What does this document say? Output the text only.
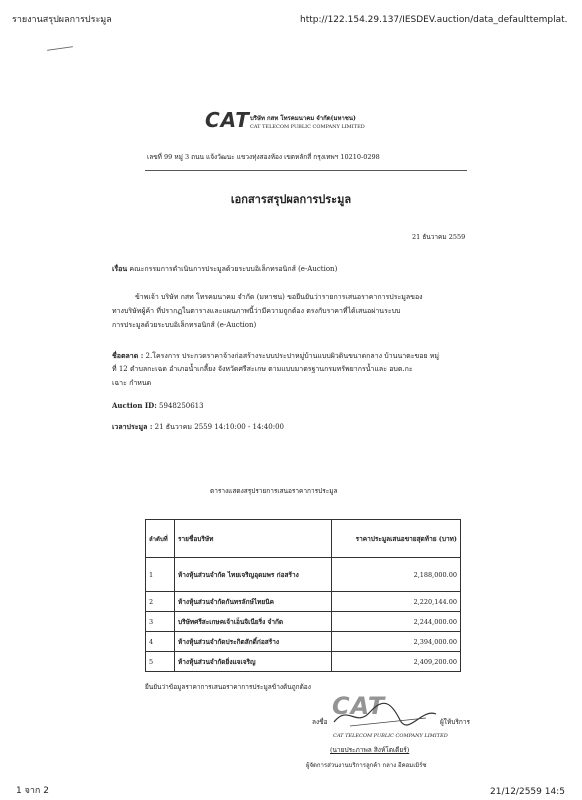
รายงานสรุปผลการประมูล	http://122.154.29.137/IESDEV.auction/data_defaulttemplat.
CAT บริษัท กสท โทรคมนาคม จำกัด(มหาชน)
CAT TELECOM PUBLIC COMPANY LIMITED
เลขที่ 99 หมู่ 3 ถนน แจ้งวัฒนะ แขวงทุ่งสองห้อง เขตหลักสี่ กรุงเทพฯ 10210-0298
เอกสารสรุปผลการประมูล
21 ธันวาคม 2559
เรื่อน คณะกรรมการดำเนินการประมูลด้วยระบบอิเล็กทรอนิกส์ (e-Auction)
ข้าพเจ้า บริษัท กสท โทรคมนาคม จำกัด (มหาชน) ขอยืนยันว่ารายการเสนอราคาการประมูลของ
ทางบริษัทผู้ค้า ที่ปรากฏในตารางและแผนภาพนี้ว่ามีความถูกต้อง ตรงกับราคาที่ได้เสนอผ่านระบบ
การประมูลด้วยระบบอิเล็กทรอนิกส์ (e-Auction)
ชื่อตลาด : 2.โครงการ ประกวดราคาจ้างก่อสร้างระบบประปาหมู่บ้านแบบผิวดินขนาดกลาง บ้านนาตะขอย หมู่
ที่ 12 ตำบลกะเฉด อำเภอน้ำเกลี้ยง จังหวัดศรีสะเกษ ตามแบบมาตรฐานกรมทรัพยากรน้ำและ อบต.กะ
เฉาะ กำหนด
Auction ID: 5948250613
เวลาประมูล : 21 ธันวาคม 2559 14:10:00 - 14:40:00
ตารางแสดงสรุปรายการเสนอราคาการประมูล
ลำดับที่	รายชื่อบริษัท	ราคาประมูลเสนอขายสุดท้าย (บาท)
1	ห้างหุ้นส่วนจำกัด ไทยเจริญอุดมพร ก่อสร้าง	2,188,000.00
2	ห้างหุ้นส่วนจำกัดกันทรลักษ์ไทยนิค	2,220,144.00
3	บริษัทศรีสะเกษคเจ้าเอ็นจิเนียริ่ง จำกัด	2,244,000.00
4	ห้างหุ้นส่วนจำกัดประกิตสักดิ์ก่อสร้าง	2,394,000.00
5	ห้างหุ้นส่วนจำกัดยิ่งแจเจริญ	2,409,200.00
ยืนยันว่าข้อมูลราคาการเสนอราคาการประมูลข้างต้นถูกต้อง
ลงชื่อ	ผู้ให้บริการ
CAT
CAT TELECOM PUBLIC COMPANY LIMITED
(นายประภาพล สิงห์โตเดียร์)
ผู้จัดการส่วนงานบริการลูกค้า กลาง อีคอมเมิร์ซ
1 จาก 2	21/12/2559 14:5
